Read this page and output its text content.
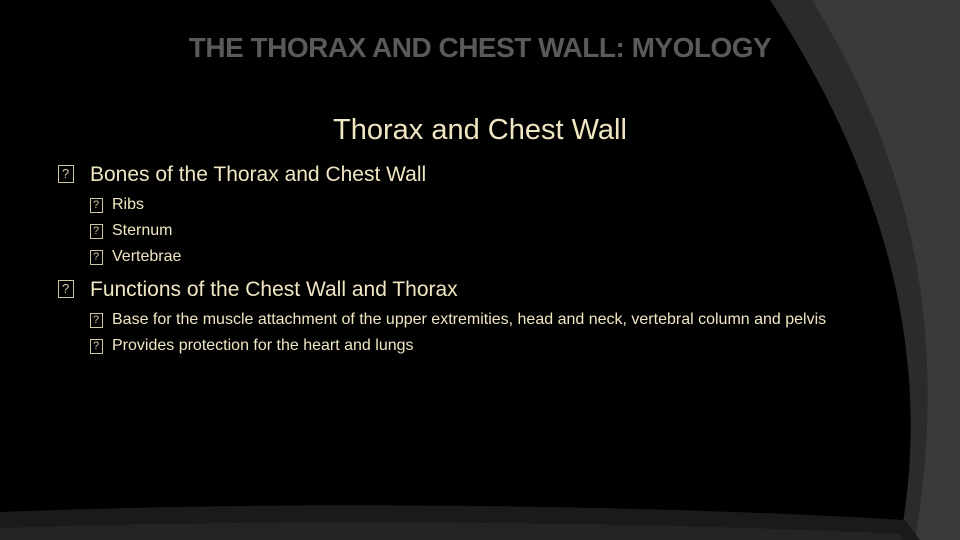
THE THORAX AND CHEST WALL: MYOLOGY
Thorax and Chest Wall
Bones of the Thorax and Chest Wall
Ribs
Sternum
Vertebrae
Functions of the Chest Wall and Thorax
Base for the muscle attachment of the upper extremities, head and neck, vertebral column and pelvis
Provides protection for the heart and lungs
